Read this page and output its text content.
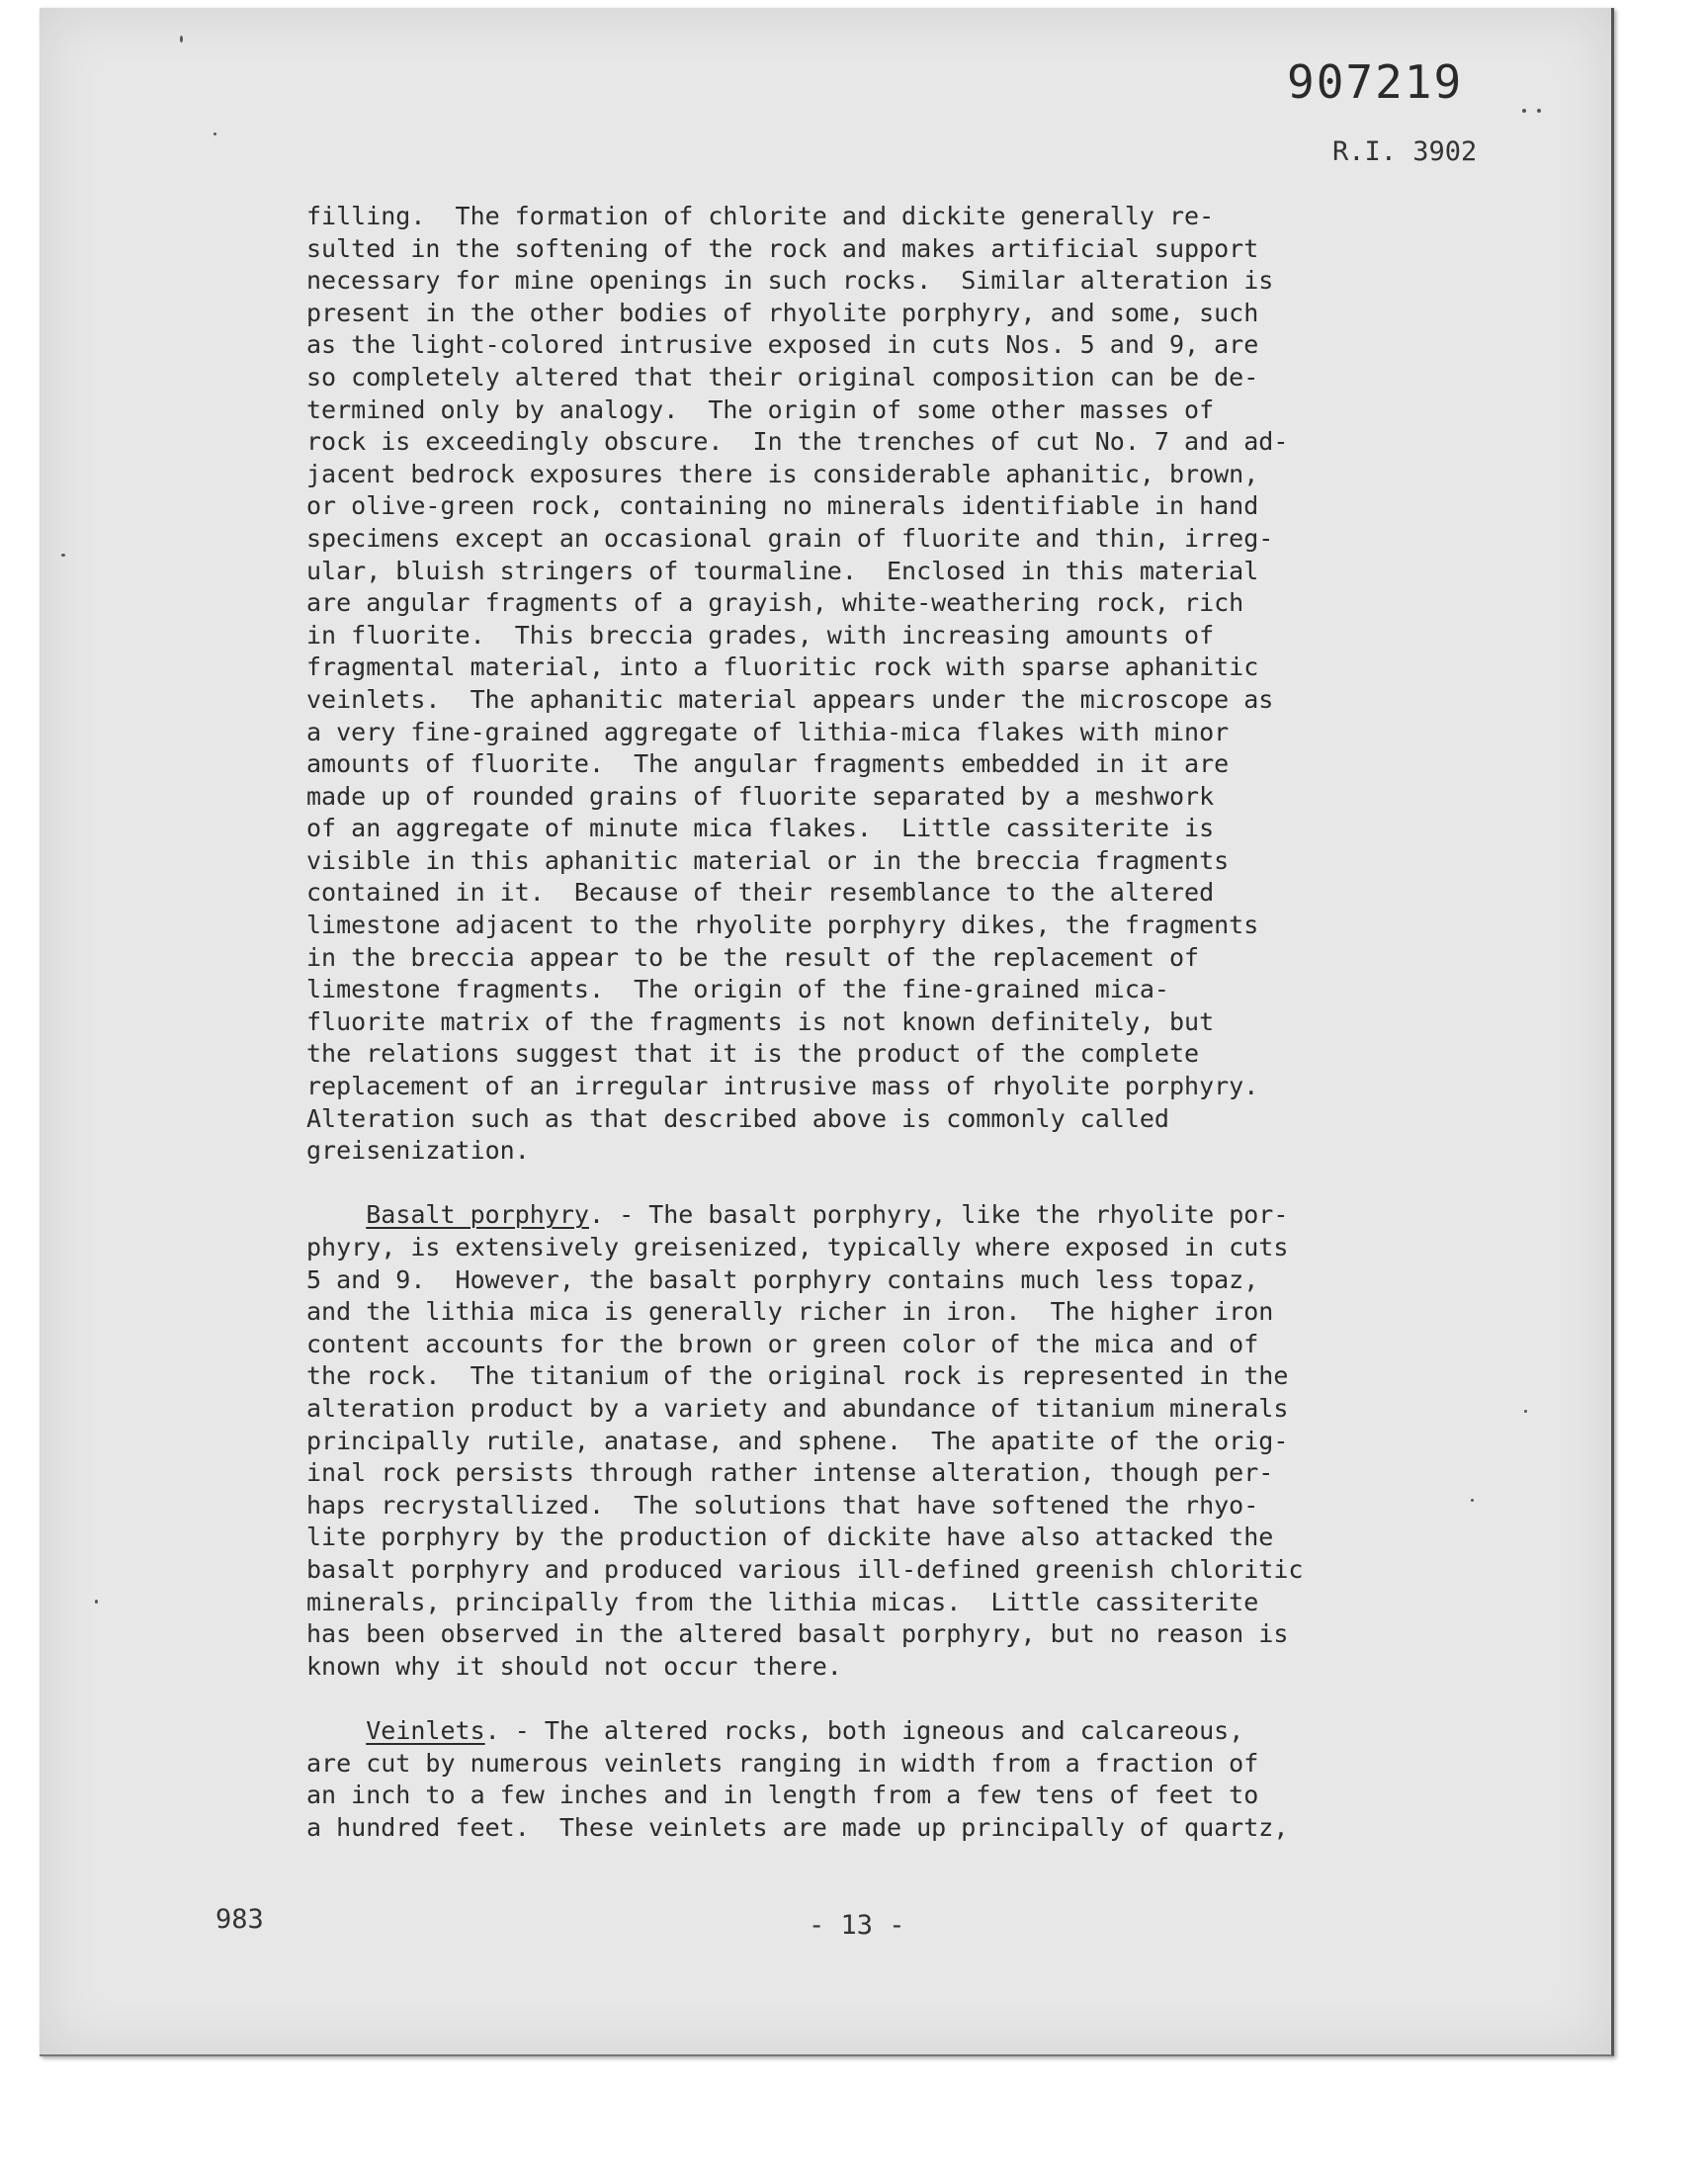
907219
R.I. 3902
filling.  The formation of chlorite and dickite generally re-
sulted in the softening of the rock and makes artificial support
necessary for mine openings in such rocks.  Similar alteration is
present in the other bodies of rhyolite porphyry, and some, such
as the light-colored intrusive exposed in cuts Nos. 5 and 9, are
so completely altered that their original composition can be de-
termined only by analogy.  The origin of some other masses of
rock is exceedingly obscure.  In the trenches of cut No. 7 and ad-
jacent bedrock exposures there is considerable aphanitic, brown,
or olive-green rock, containing no minerals identifiable in hand
specimens except an occasional grain of fluorite and thin, irreg-
ular, bluish stringers of tourmaline.  Enclosed in this material
are angular fragments of a grayish, white-weathering rock, rich
in fluorite.  This breccia grades, with increasing amounts of
fragmental material, into a fluoritic rock with sparse aphanitic
veinlets.  The aphanitic material appears under the microscope as
a very fine-grained aggregate of lithia-mica flakes with minor
amounts of fluorite.  The angular fragments embedded in it are
made up of rounded grains of fluorite separated by a meshwork
of an aggregate of minute mica flakes.  Little cassiterite is
visible in this aphanitic material or in the breccia fragments
contained in it.  Because of their resemblance to the altered
limestone adjacent to the rhyolite porphyry dikes, the fragments
in the breccia appear to be the result of the replacement of
limestone fragments.  The origin of the fine-grained mica-
fluorite matrix of the fragments is not known definitely, but
the relations suggest that it is the product of the complete
replacement of an irregular intrusive mass of rhyolite porphyry.
Alteration such as that described above is commonly called
greisenization.
Basalt porphyry. - The basalt porphyry, like the rhyolite por-
phyry, is extensively greisenized, typically where exposed in cuts
5 and 9.  However, the basalt porphyry contains much less topaz,
and the lithia mica is generally richer in iron.  The higher iron
content accounts for the brown or green color of the mica and of
the rock.  The titanium of the original rock is represented in the
alteration product by a variety and abundance of titanium minerals
principally rutile, anatase, and sphene.  The apatite of the orig-
inal rock persists through rather intense alteration, though per-
haps recrystallized.  The solutions that have softened the rhyo-
lite porphyry by the production of dickite have also attacked the
basalt porphyry and produced various ill-defined greenish chloritic
minerals, principally from the lithia micas.  Little cassiterite
has been observed in the altered basalt porphyry, but no reason is
known why it should not occur there.
Veinlets. - The altered rocks, both igneous and calcareous,
are cut by numerous veinlets ranging in width from a fraction of
an inch to a few inches and in length from a few tens of feet to
a hundred feet.  These veinlets are made up principally of quartz,
983	- 13 -
